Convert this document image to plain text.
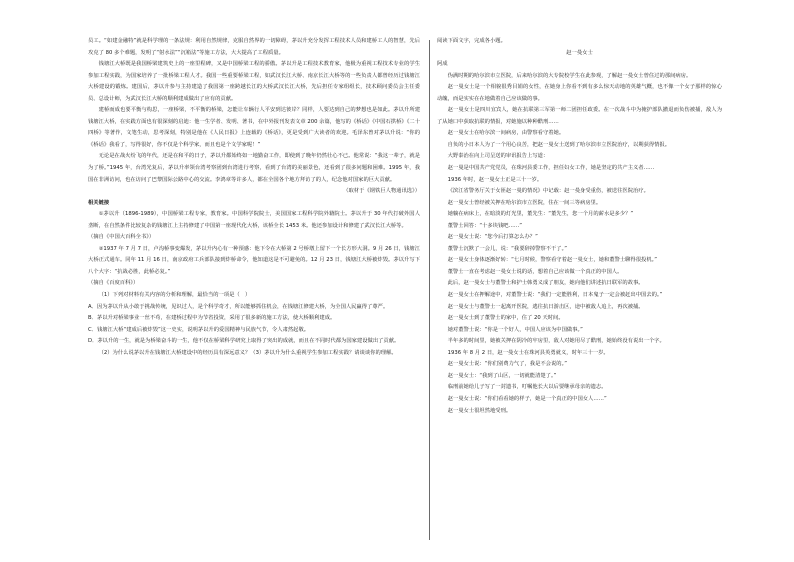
员工。“如建金融特”就是科学理的一条法规：利用自然规律，克服自然界的一切障碍，茅以升充分发挥工程技术人员和建桥工人的智慧，先后攻克了 80 多个难题，发明了“射水法”“沉箱法”等施工方法，大大提高了工程质量。

钱塘江大桥既是我国桥梁建筑史上的一座里程碑，又是中国桥梁工程的骄傲。茅以升是工程技术教育家，他极为重视工程技术专业的学生参加工程实践，为国家培养了一批桥梁工程人才。我国一些重要桥梁工程，如武汉长江大桥、南京长江大桥等的一些负责人都曾经历过钱塘江大桥建设的锻炼。建国后，茅以升参与主持建造了我国第一座跨越长江的大桥武汉长江大桥，先后担任专家组组长，技术顾问委员会主任委员、总设计师，为武汉长江大桥的顺利建成做出了应有的贡献。

建桥而成也要平衡与构思，一座桥梁，不平衡的桥梁，怎能让车辆行人平安到达彼岸？同样，人要达到自己的梦想也是如此。茅以升所建钱塘江大桥，在实践方面也有很深刻的启迪：他一生学者、发明、著书，在中外报刊发表文章 200 余篇，他写的《桥话》《中国石拱桥》《二十四桥》等著作，文笔生动，思考深刻，特别是他在《人民日报》上连载的《桥话》，更是受到广大读者的欢迎。毛泽东曾对茅以升说：“你的《桥话》我看了，写得很好，你不仅是个科学家，而且也是个文学家呢！”

无论是在战火纷飞的年代，还是在和平的日子，茅以升都始终如一地勤奋工作，即使到了晚年仍然壮心不已。他常说：“我这一辈子，就是为了桥。”1945 年，台湾光复后，茅以升率领台湾考察团到台湾进行考察，看到了台湾的美丽景色，还看到了很多问题和困难。1995 年，我国在非洲访问，也在访问了巴黎国际公路中心的交流。李鸿章等许多人，都在全国各个地方拜访了的人，纪念他对国家的巨大贡献。

（取材于《钢铁巨人物通讯选》）

相关链接

①茅以升（1896-1989），中国桥梁工程专家，教育家。中国科学院院士，美国国家工程科学院外籍院士。茅以升于 30 年代打破外国人垄断，在自然条件比较复杂的钱塘江上主持修建了中国第一座现代化大桥，该桥全长 1453 米。他还参加设计和修建了武汉长江大桥等。

（摘自《中国大百科全书》）

②1937 年 7 月 7 日，卢沟桥事变爆发，茅以升内心有一种预感：他下令在大桥第 2 号桥墩上留下一个长方形大洞。9 月 26 日，钱塘江大桥正式通车。同年 11 月 16 日，南京政府工兵部队接到炸桥命令，他知道这是不可避免的。12 月 23 日，钱塘江大桥被炸毁。茅以升写下八个大字：“抗战必胜，此桥必复。”

（摘自《百度百科》）

（1）下列对材料有关内容的分析和理解，最恰当的一项是（　）

A．因为茅以升从小敢于挑战传统，见识过人，是个科学奇才，所以能够抓住机会，在钱塘江修建大桥，为全国人民赢得了尊严。

B．茅以升对桥梁事业一丝不苟，在建桥过程中为节省投资，采用了很多新的施工方法，使大桥顺利建成。

C．钱塘江大桥“建成后被炸毁”这一史实，说明茅以升的爱国精神与民族气节，令人肃然起敬。

D．茅以升的一生，就是为桥梁奋斗的一生，他不仅在桥梁科学研究上取得了突出的成就，而且在不同时代都为国家建设做出了贡献。

（2）为什么说茅以升在钱塘江大桥建设中的经历具有深远意义？（3）茅以升为什么重视学生参加工程实践？请谈谈你的理解。

阅读下面文字，完成各小题。

赵一曼女士

阿成

伪满时期的哈尔滨市立医院，后来哈尔滨的大专院校学生在此参观，了解赵一曼女士曾住过的那间病房。

赵一曼女士是一个相貌很秀目娟的女性，在她身上你看不到有多么惊天动地的英雄气概，也不像一个女子那样的惊心动魄，而是实实在在地做着自己应该做的事。

赵一曼女士是四川宜宾人，她在抗联第三军第一师二团担任政委。在一次战斗中为掩护部队撤退而负伤被捕，敌人为了从她口中获取抗联的情报，对她施以种种酷刑……

赵一曼女士在哈尔滨一间病房，由警察看守着她。

自负的小日本人为了一个用心良苦，把赵一曼女士送到了哈尔滨市立医院治疗，以期获得情报。

大野泰治在向上司呈送的审讯报告上写道：

赵一曼是中国共产党党员，在珠河县委工作，担任妇女工作，她是坚定的共产主义者……

1936 年时，赵一曼女士正是三十一岁。

《滨江省警务厅关于女匪赵一曼的情况》中记载：赵一曼身受重伤，被送往医院治疗。

赵一曼女士曾经被关押在哈尔滨市立医院，住在一间三等病房里。

她躺在病床上，在暗淡的灯光里，董先生：“董先生，您一个月的薪水是多少？”

董警士回答：“十多块钱吧……”

赵一曼女士说：“您今后打算怎么办？”

董警士沉默了一会儿，说：“我要辞掉警察不干了。”

赵一曼女士身体逐渐好转：“七月时候，警察看守着赵一曼女士，她和董警士聊得很投机。”

董警士一直在考虑赵一曼女士说的话，想着自己应该做一个真正的中国人。

此后，赵一曼女士与董警士和护士韩勇义成了朋友，她向他们讲述抗日联军的故事。

赵一曼女士在押解途中，对董警士说：“我们一定能胜利，日本鬼子一定会被赶出中国去的。”

赵一曼女士与董警士一起离开医院，逃往抗日游击区，途中被敌人追上，再次被捕。

赵一曼女士到了董警士的家中，住了 20 天时间。

她对董警士说：“你是一个好人，中国人应该为中国做事。”

半年多的时间里，她被关押在阴冷的牢房里，敌人对她用尽了酷刑，她始终没有说出一个字。

1936 年 8 月 2 日，赵一曼女士在珠河县英勇就义，时年三十一岁。

赵一曼女士说：“你们别费力气了，我是不会说的。”

赵一曼女士：“我到了山区，一切就能清楚了。”

临刑前她给儿子写了一封遗书，叮嘱他长大以后要继承母亲的遗志。

赵一曼女士说：“你们看看她的样子，她是一个真正的中国女人……”

赵一曼女士很坦然地受刑。
